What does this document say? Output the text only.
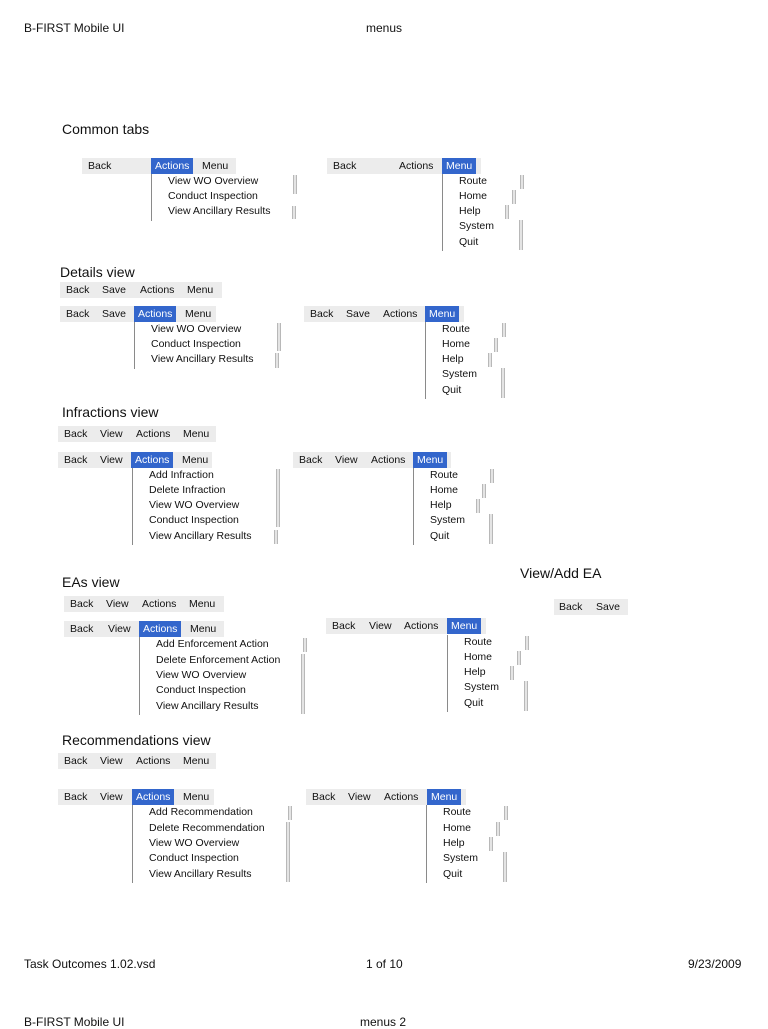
B-FIRST Mobile UI	menus
Common tabs
Back	Actions	Menu
View WO Overview
Conduct Inspection
View Ancillary Results
Back	Actions	Menu
Route
Home
Help
System
Quit
Details view
Back	Save	Actions	Menu
Back	Save	Actions	Menu
View WO Overview
Conduct Inspection
View Ancillary Results
Back	Save	Actions	Menu
Route
Home
Help
System
Quit
Infractions view
Back	View	Actions	Menu
Back	View	Actions	Menu
Add Infraction
Delete Infraction
View WO Overview
Conduct Inspection
View Ancillary Results
Back	View	Actions	Menu
Route
Home
Help
System
Quit
EAs view
Back	View	Actions	Menu
Back	View	Actions	Menu
Add Enforcement Action
Delete Enforcement Action
View WO Overview
Conduct Inspection
View Ancillary Results
Back	View	Actions	Menu
Route
Home
Help
System
Quit
View/Add EA
Back	Save
Recommendations view
Back	View	Actions	Menu
Back	View	Actions	Menu
Add Recommendation
Delete Recommendation
View WO Overview
Conduct Inspection
View Ancillary Results
Back	View	Actions	Menu
Route
Home
Help
System
Quit
Task Outcomes 1.02.vsd	1 of 10	9/23/2009
B-FIRST Mobile UI	menus 2
